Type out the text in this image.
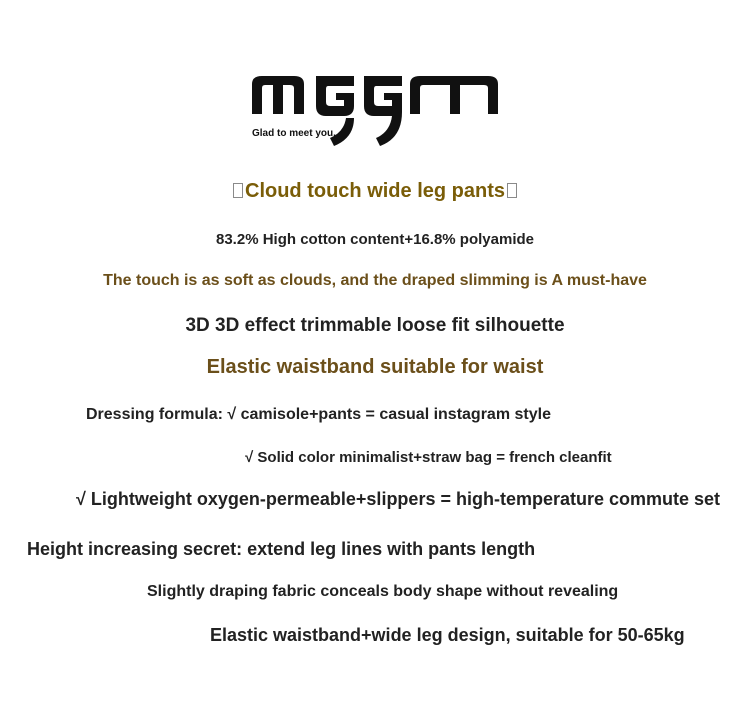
Glad to meet you.
Cloud touch wide leg pants
83.2% High cotton content+16.8% polyamide
The touch is as soft as clouds, and the draped slimming is A must-have
3D 3D effect trimmable loose fit silhouette
Elastic waistband suitable for waist
Dressing formula: √ camisole+pants = casual instagram style
√ Solid color minimalist+straw bag = french cleanfit
√ Lightweight oxygen-permeable+slippers = high-temperature commute set
Height increasing secret: extend leg lines with pants length
Slightly draping fabric conceals body shape without revealing
Elastic waistband+wide leg design, suitable for 50-65kg
